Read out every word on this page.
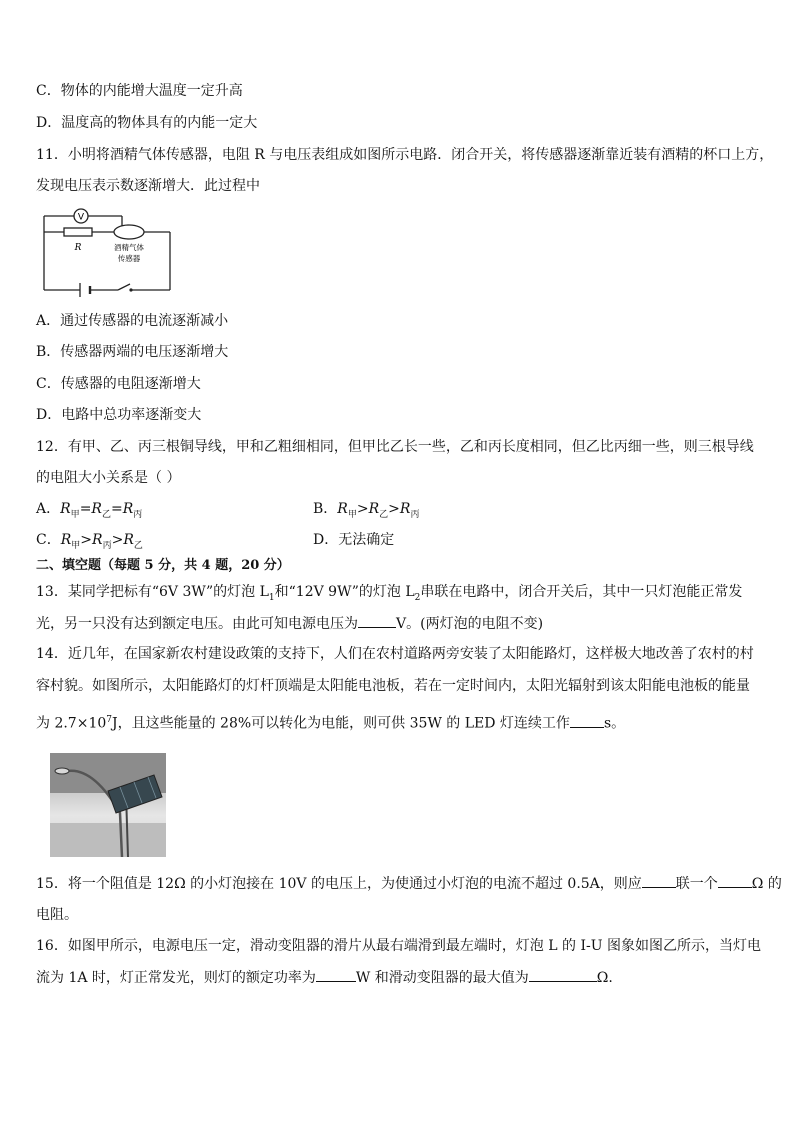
C．物体的内能增大温度一定升高
D．温度高的物体具有的内能一定大
11．小明将酒精气体传感器，电阻 R 与电压表组成如图所示电路．闭合开关，将传感器逐渐靠近装有酒精的杯口上方，
发现电压表示数逐渐增大．此过程中
V
R	酒精气体
传感器
A．通过传感器的电流逐渐减小
B．传感器两端的电压逐渐增大
C．传感器的电阻逐渐增大
D．电路中总功率逐渐变大
12．有甲、乙、丙三根铜导线，甲和乙粗细相同，但甲比乙长一些，乙和丙长度相同，但乙比丙细一些，则三根导线
的电阻大小关系是（ ）
A．$R_甲=R_乙=R_丙$	B．$R_甲>R_乙>R_丙$
C．$R_甲>R_丙>R_乙$	D．无法确定
二、填空题（每题 5 分，共 4 题，20 分）
13．某同学把标有“6V 3W”的灯泡 $L_1$和“12V 9W”的灯泡 $L_2$串联在电路中，闭合开关后，其中一只灯泡能正常发
光，另一只没有达到额定电压。由此可知电源电压为	V。(两灯泡的电阻不变)
14．近几年，在国家新农村建设政策的支持下，人们在农村道路两旁安装了太阳能路灯，这样极大地改善了农村的村
容村貌。如图所示，太阳能路灯的灯杆顶端是太阳能电池板，若在一定时间内，太阳光辐射到该太阳能电池板的能量
为 $2.7\times 10^7J$，且这些能量的 28%可以转化为电能，则可供 35W 的 LED 灯连续工作 s。
15．将一个阻值是 12Ω 的小灯泡接在 10V 的电压上，为使通过小灯泡的电流不超过 0.5A，则应 联一个 Ω 的
电阻。
16．如图甲所示，电源电压一定，滑动变阻器的滑片从最右端滑到最左端时，灯泡 L 的 I-U 图象如图乙所示，当灯电
流为 1A 时，灯正常发光，则灯的额定功率为	W 和滑动变阻器的最大值为	Ω.
